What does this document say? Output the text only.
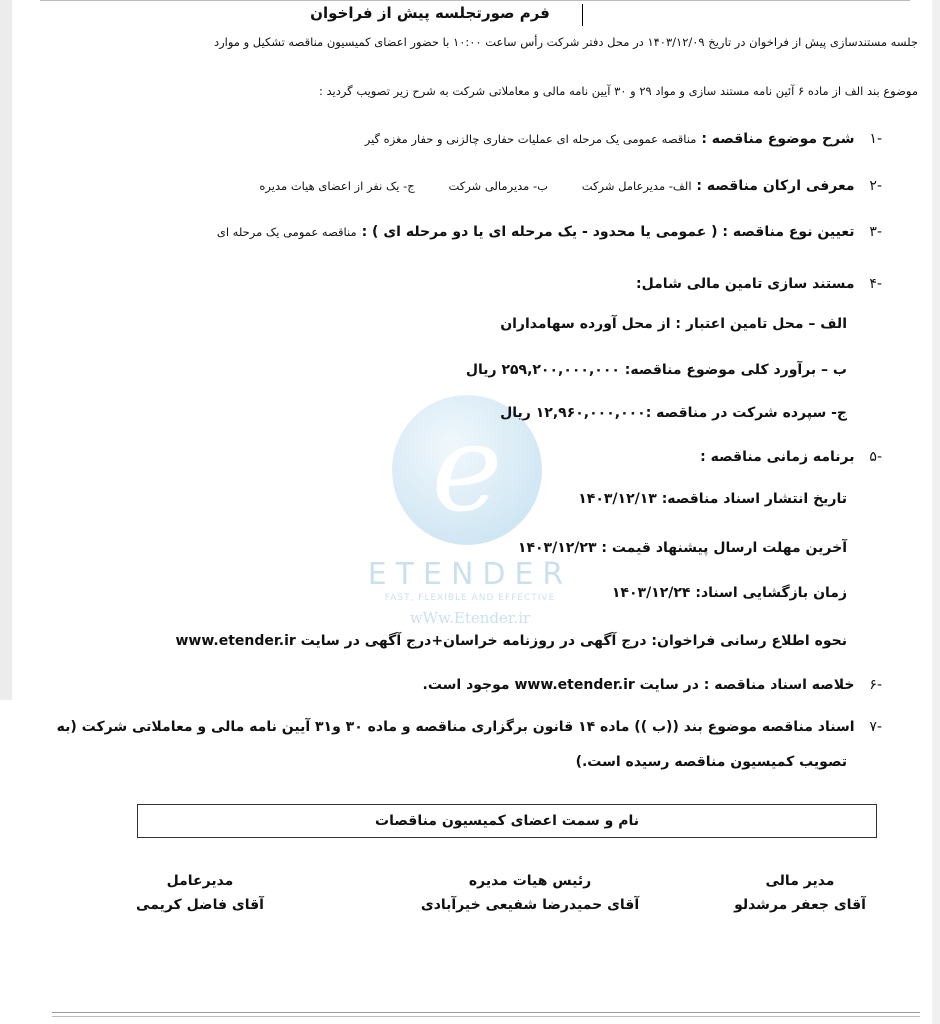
e
ETENDER
FAST, FLEXIBLE AND EFFECTIVE
wWw.Etender.ir
فرم صورتجلسه پیش از فراخوان
جلسه مستندسازی پیش از فراخوان در تاریخ ۱۴۰۳/۱۲/۰۹ در محل دفتر شرکت رأس ساعت ۱۰:۰۰ با حضور اعضای کمیسیون مناقصه تشکیل و موارد
موضوع بند الف از ماده ۶ آئین نامه مستند سازی و مواد ۲۹ و ۳۰ آیین نامه مالی و معاملاتی شرکت به شرح زیر تصویب گردید :
-۱ شرح موضوع مناقصه : مناقصه عمومی یک مرحله ای عملیات حفاری چالزنی و حفار مغزه گیر
-۲ معرفی ارکان مناقصه : الف- مدیرعامل شرکت  ب- مدیرمالی شرکت  ج- یک نفر از اعضای هیات مدیره
-۳ تعیین نوع مناقصه : ( عمومی یا محدود - یک مرحله ای یا دو مرحله ای ) : مناقصه عمومی یک مرحله ای
-۴ مستند سازی تامین مالی شامل:
الف – محل تامین اعتبار : از محل آورده سهامداران
ب – برآورد کلی موضوع مناقصه: ۲۵۹,۲۰۰,۰۰۰,۰۰۰ ریال
ج- سپرده شرکت در مناقصه :۱۲,۹۶۰,۰۰۰,۰۰۰ ریال
-۵ برنامه زمانی مناقصه :
تاریخ انتشار اسناد مناقصه: ۱۴۰۳/۱۲/۱۳
آخرین مهلت ارسال پیشنهاد قیمت : ۱۴۰۳/۱۲/۲۳
زمان بازگشایی اسناد: ۱۴۰۳/۱۲/۲۴
نحوه اطلاع رسانی فراخوان: درج آگهی در روزنامه خراسان+درج آگهی در سایت www.etender.ir
-۶ خلاصه اسناد مناقصه : در سایت www.etender.ir موجود است.
-۷ اسناد مناقصه موضوع بند ((ب )) ماده ۱۴ قانون برگزاری مناقصه و ماده ۳۰ و۳۱ آیین نامه مالی و معاملاتی شرکت (به
تصویب کمیسیون مناقصه رسیده است.)
نام و سمت اعضای کمیسیون مناقصات
مدیر مالی
آقای جعفر مرشدلو
رئیس هیات مدیره
آقای حمیدرضا شفیعی خیرآبادی
مدیرعامل
آقای فاضل کریمی
